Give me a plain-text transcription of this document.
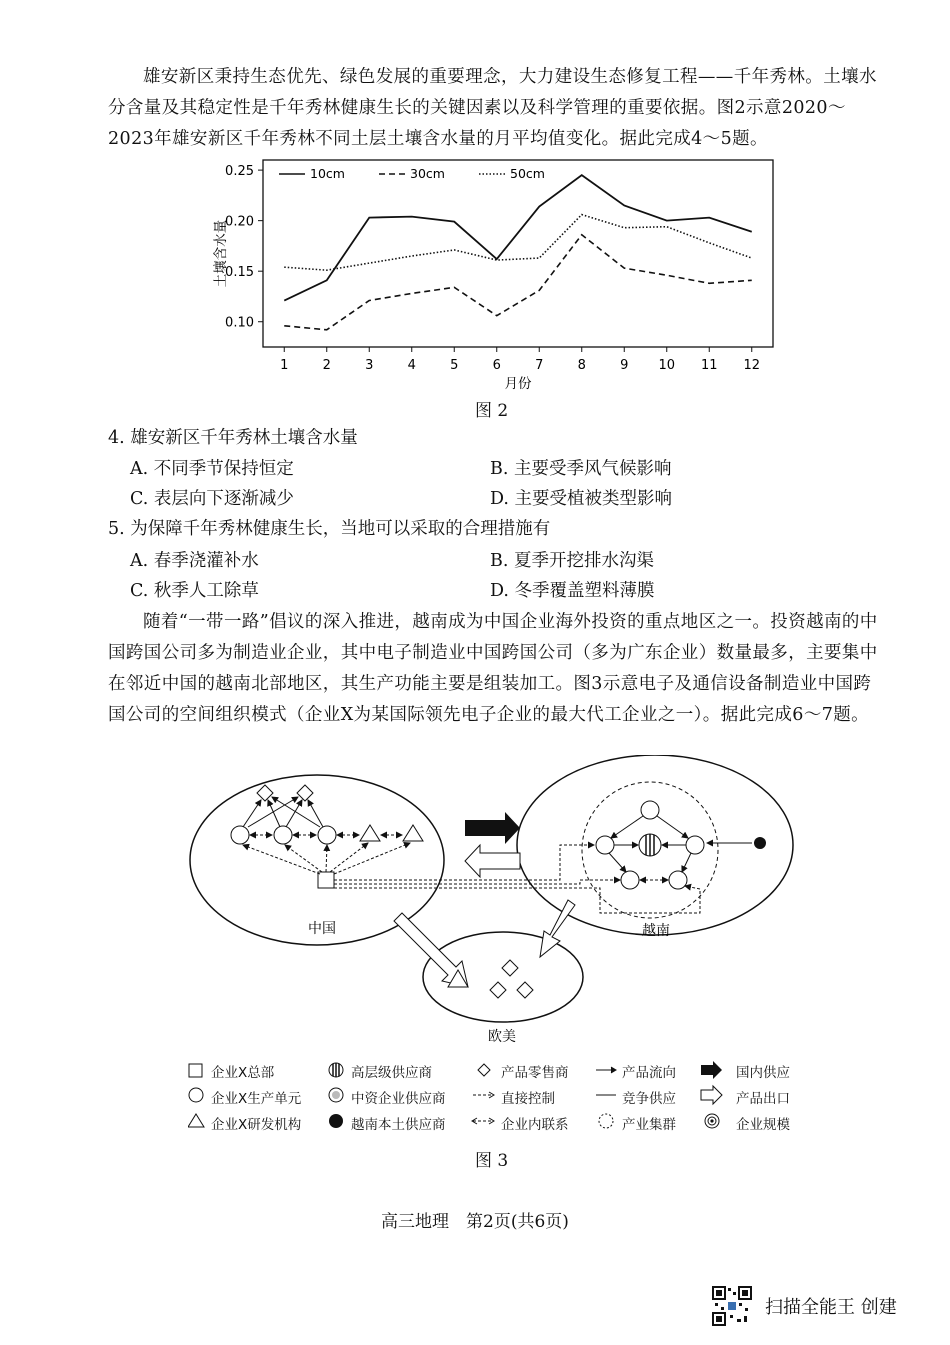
雄安新区秉持生态优先、绿色发展的重要理念，大力建设生态修复工程——千年秀林。土壤水分含量及其稳定性是千年秀林健康生长的关键因素以及科学管理的重要依据。图2示意2020～2023年雄安新区千年秀林不同土层土壤含水量的月平均值变化。据此完成4～5题。
0.10
0.15
0.20
0.25
1	2	3	4	5	6	7	8	9 10 11 12
月份
土壤含水量
10cm	30cm	50cm
图 2
4. 雄安新区千年秀林土壤含水量
A. 不同季节保持恒定	B. 主要受季风气候影响
C. 表层向下逐渐减少	D. 主要受植被类型影响
5. 为保障千年秀林健康生长，当地可以采取的合理措施有
A. 春季浇灌补水	B. 夏季开挖排水沟渠
C. 秋季人工除草	D. 冬季覆盖塑料薄膜
随着“一带一路”倡议的深入推进，越南成为中国企业海外投资的重点地区之一。投资越南的中国跨国公司多为制造业企业，其中电子制造业中国跨国公司（多为广东企业）数量最多，主要集中在邻近中国的越南北部地区，其生产功能主要是组装加工。图3示意电子及通信设备制造业中国跨国公司的空间组织模式（企业X为某国际领先电子企业的最大代工企业之一）。据此完成6～7题。
中国	越南
欧美
企业X总部	高层级供应商	产品零售商	产品流向	国内供应
企业X生产单元	中资企业供应商	直接控制	竞争供应	产品出口
企业X研发机构	越南本土供应商	企业内联系	产业集群	企业规模
图 3
高三地理　第2页(共6页)
扫描全能王 创建
